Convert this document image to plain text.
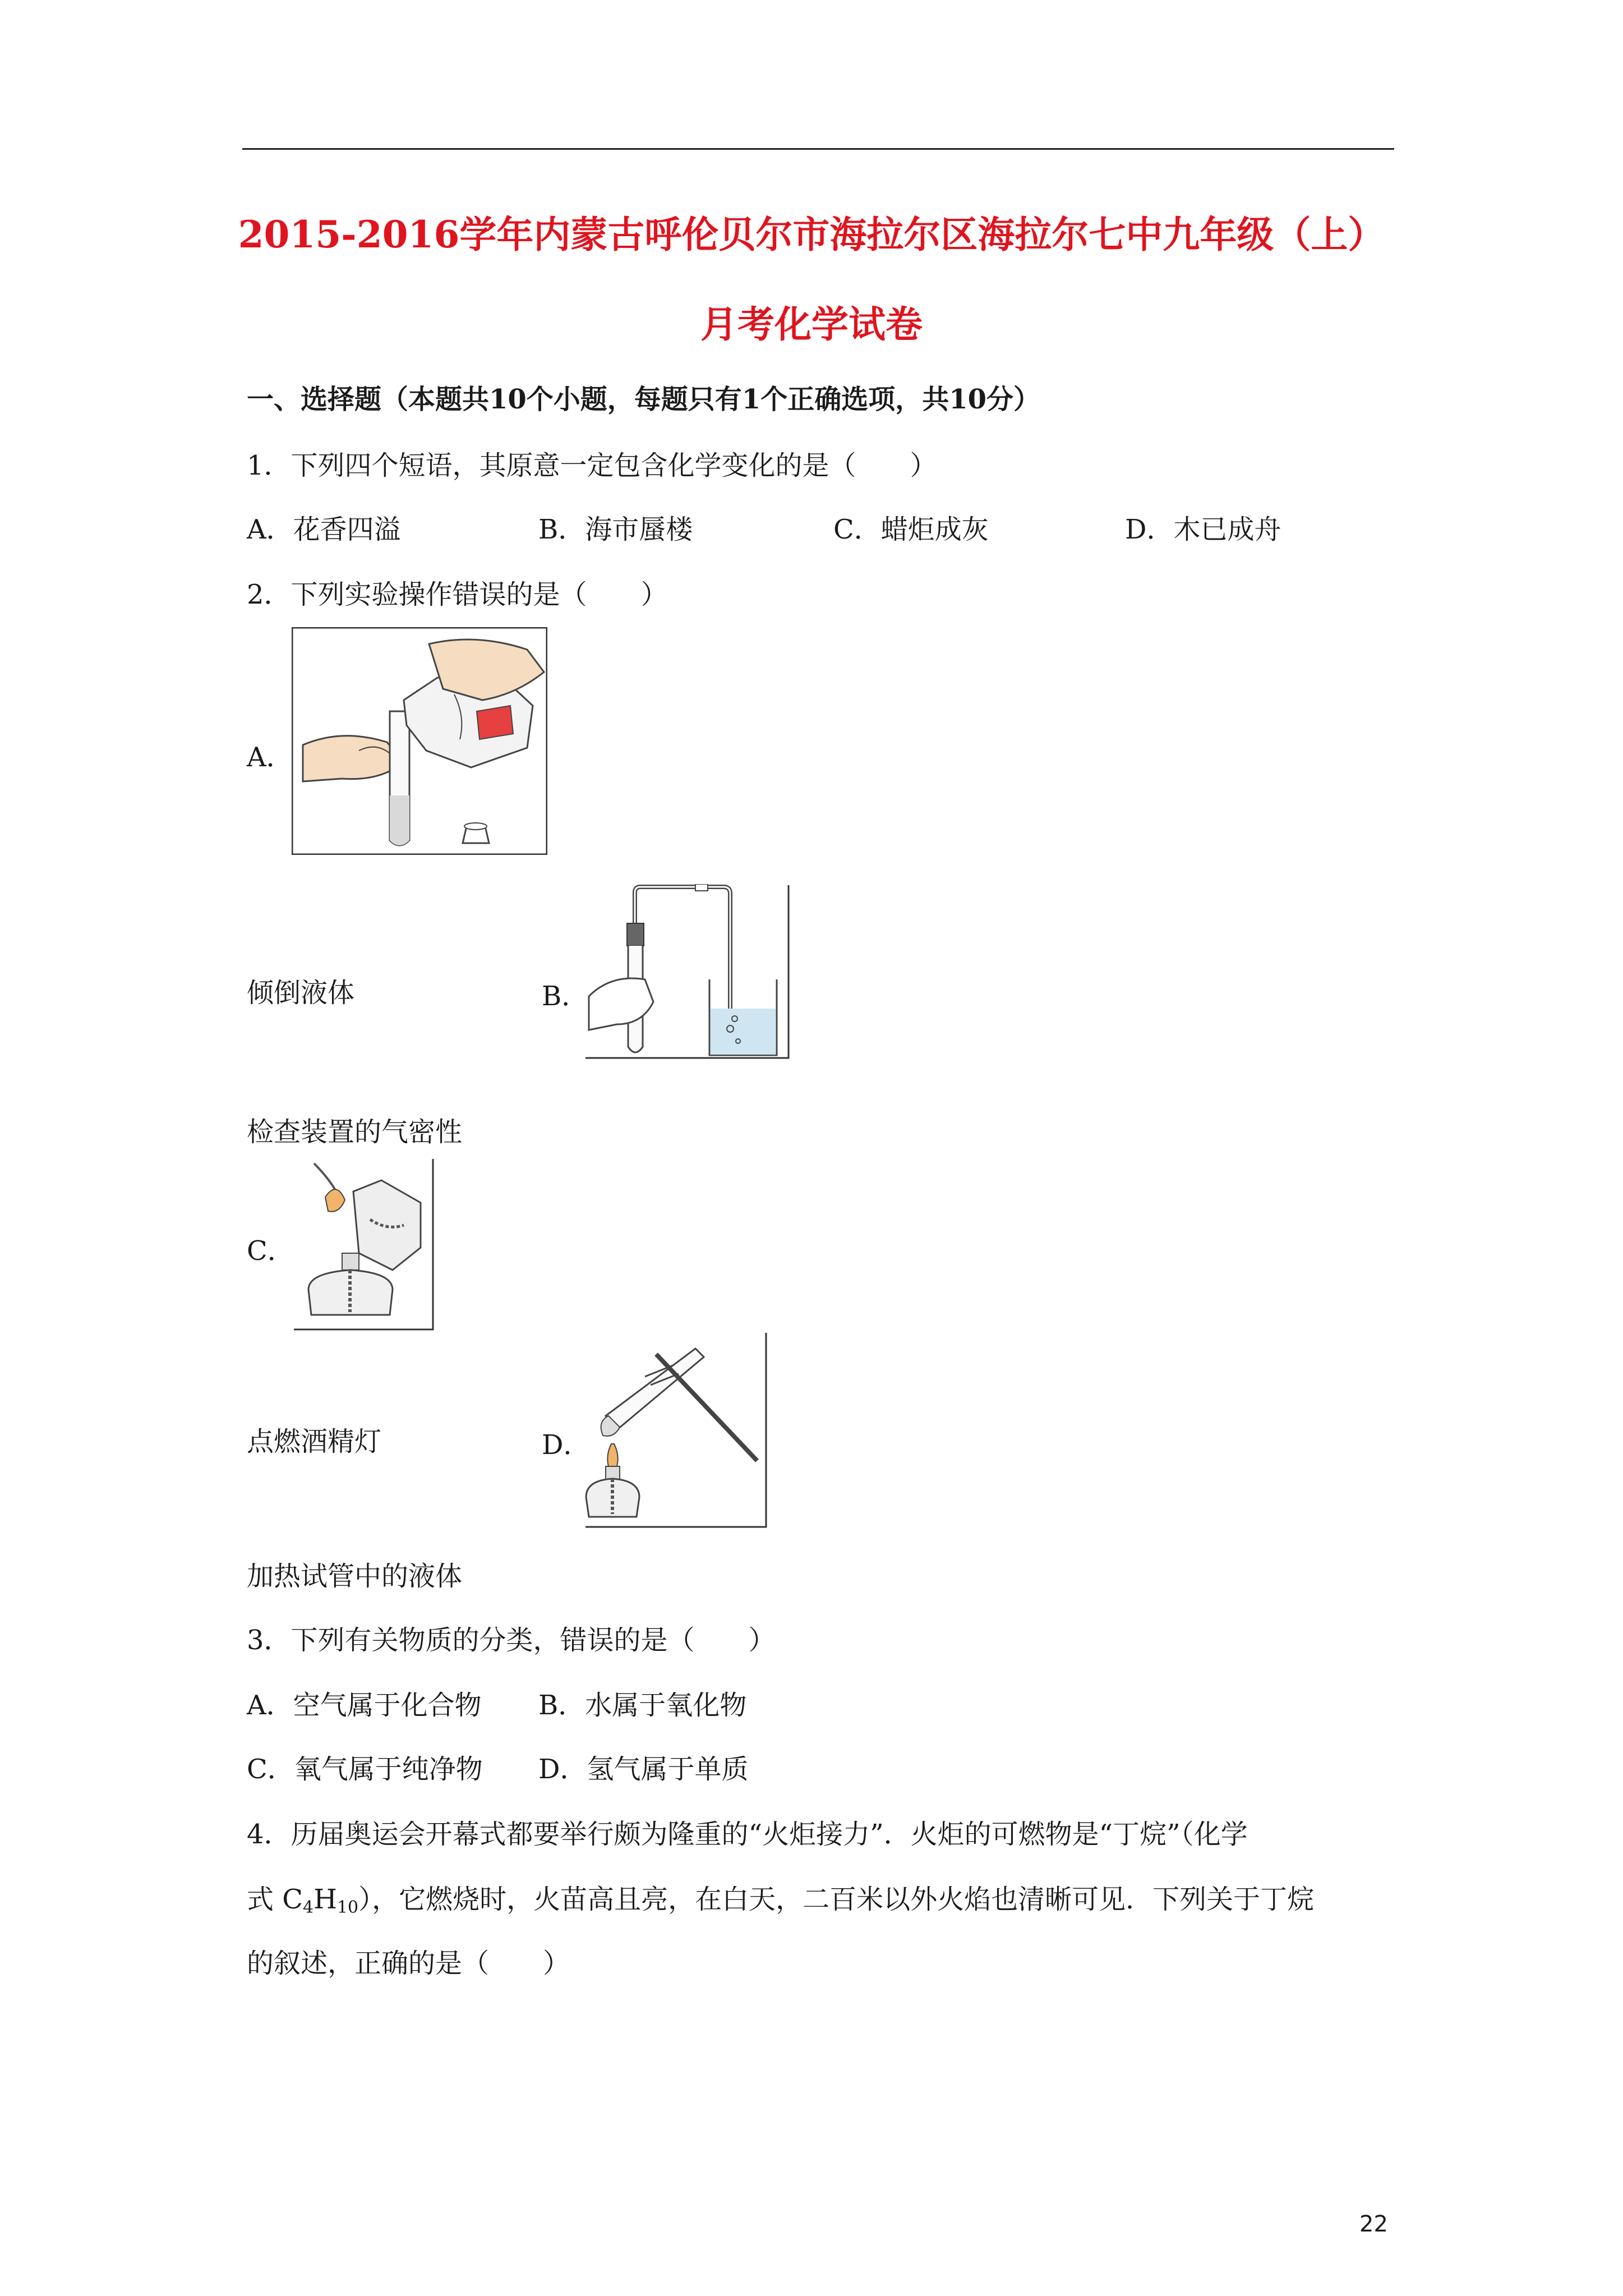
2015-2016学年内蒙古呼伦贝尔市海拉尔区海拉尔七中九年级（上）
月考化学试卷
一、选择题（本题共10个小题，每题只有1个正确选项，共10分）
1．下列四个短语，其原意一定包含化学变化的是（　　）
A．花香四溢	B．海市蜃楼	C．蜡炬成灰	D．木已成舟
2．下列实验操作错误的是（　　）
A．
倾倒液体	B．
检查装置的气密性
C．
点燃酒精灯	D．
加热试管中的液体
3．下列有关物质的分类，错误的是（　　）
A．空气属于化合物 B．水属于氧化物
C．氧气属于纯净物 D．氢气属于单质
4．历届奥运会开幕式都要举行颇为隆重的“火炬接力”．火炬的可燃物是“丁烷”（化学
式 $C_4H_{10}$），它燃烧时，火苗高且亮，在白天，二百米以外火焰也清晰可见．下列关于丁烷
的叙述，正确的是（　　）
22
